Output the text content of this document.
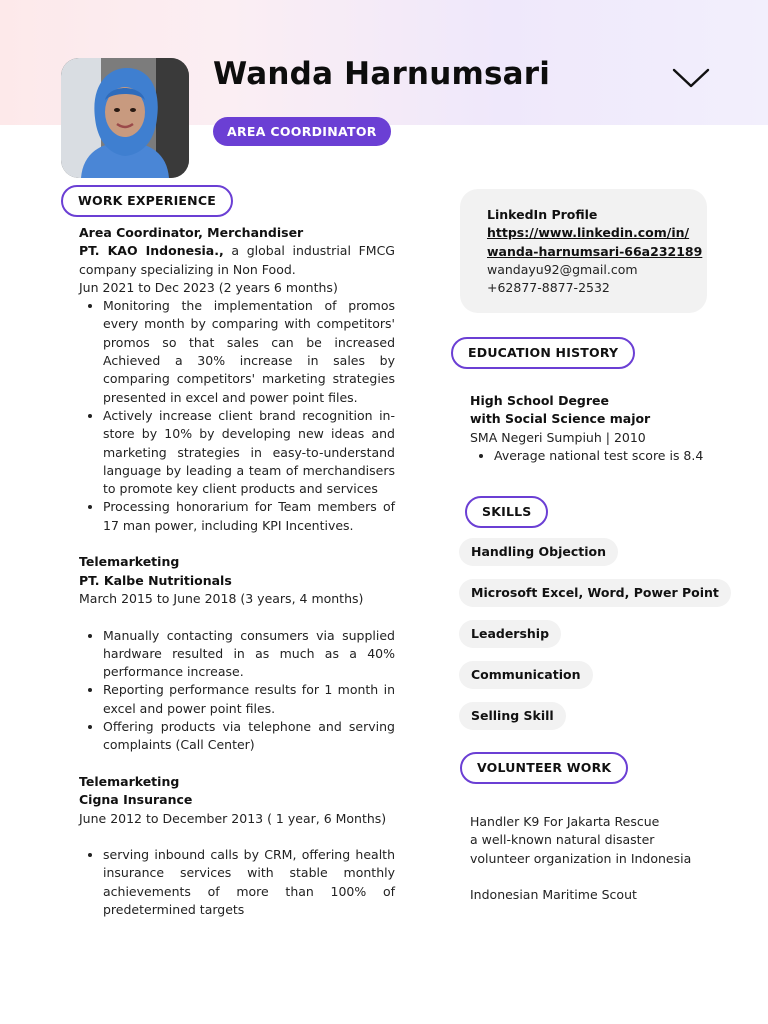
Wanda Harnumsari
AREA COORDINATOR
WORK EXPERIENCE
Area Coordinator, Merchandiser
PT. KAO Indonesia., a global industrial FMCG company specializing in Non Food.
Jun 2021 to Dec 2023 (2 years 6 months)
• Monitoring the implementation of promos every month by comparing with competitors' promos so that sales can be increased Achieved a 30% increase in sales by comparing competitors' marketing strategies presented in excel and power point files.
• Actively increase client brand recognition in-store by 10% by developing new ideas and marketing strategies in easy-to-understand language by leading a team of merchandisers to promote key client products and services
• Processing honorarium for Team members of 17 man power, including KPI Incentives.
Telemarketing
PT. Kalbe Nutritionals
March 2015 to June 2018 (3 years, 4 months)
• Manually contacting consumers via supplied hardware resulted in as much as a 40% performance increase.
• Reporting performance results for 1 month in excel and power point files.
• Offering products via telephone and serving complaints (Call Center)
Telemarketing
Cigna Insurance
June 2012 to December 2013 ( 1 year, 6 Months)
• serving inbound calls by CRM, offering health insurance services with stable monthly achievements of more than 100% of predetermined targets
LinkedIn Profile
https://www.linkedin.com/in/
wanda-harnumsari-66a232189
wandayu92@gmail.com
+62877-8877-2532
EDUCATION HISTORY
High School Degree
with Social Science major
SMA Negeri Sumpiuh | 2010
• Average national test score is 8.4
SKILLS
Handling Objection
Microsoft Excel, Word, Power Point
Leadership
Communication
Selling Skill
VOLUNTEER WORK
Handler K9 For Jakarta Rescue
a well-known natural disaster
volunteer organization in Indonesia
Indonesian Maritime Scout
